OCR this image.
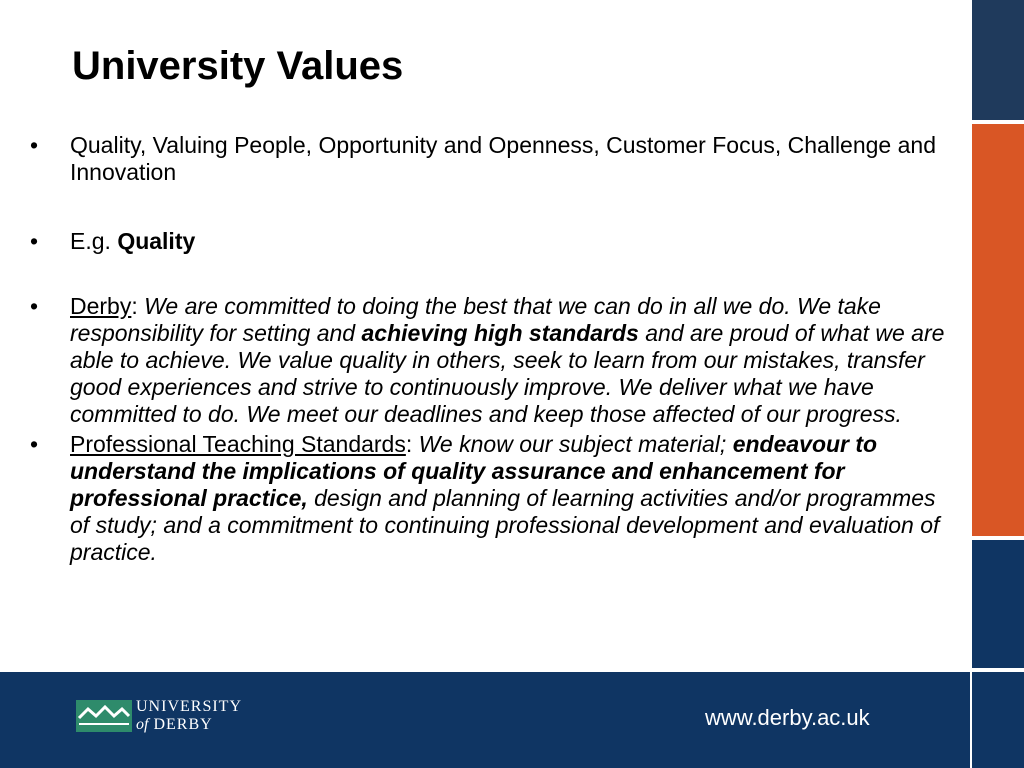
University Values
• Quality, Valuing People, Opportunity and Openness, Customer Focus, Challenge and Innovation
• E.g. Quality
• Derby: We are committed to doing the best that we can do in all we do. We take responsibility for setting and achieving high standards and are proud of what we are able to achieve. We value quality in others, seek to learn from our mistakes, transfer good experiences and strive to continuously improve. We deliver what we have committed to do. We meet our deadlines and keep those affected of our progress.
• Professional Teaching Standards: We know our subject material; endeavour to understand the implications of quality assurance and enhancement for professional practice, design and planning of learning activities and/or programmes of study; and a commitment to continuing professional development and evaluation of practice.
UNIVERSITY
of DERBY	www.derby.ac.uk
